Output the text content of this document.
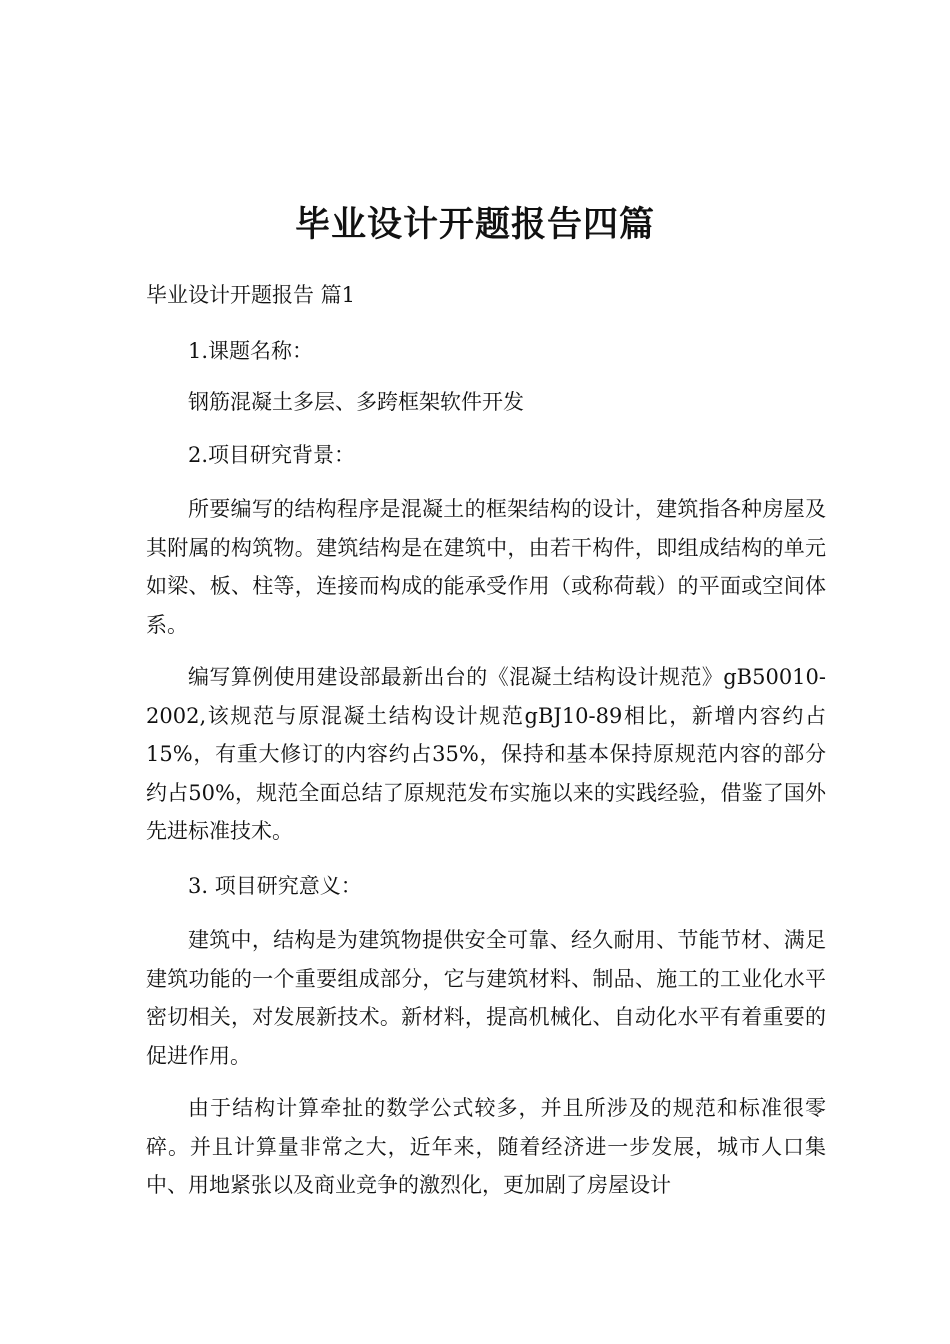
毕业设计开题报告四篇

毕业设计开题报告 篇1

1.课题名称：

钢筋混凝土多层、多跨框架软件开发

2.项目研究背景：

所要编写的结构程序是混凝土的框架结构的设计，建筑指各种房屋及其附属的构筑物。建筑结构是在建筑中，由若干构件，即组成结构的单元如梁、板、柱等，连接而构成的能承受作用（或称荷载）的平面或空间体系。

编写算例使用建设部最新出台的《混凝土结构设计规范》gB50010-2002,该规范与原混凝土结构设计规范gBJ10-89相比，新增内容约占15%，有重大修订的内容约占35%，保持和基本保持原规范内容的部分约占50%，规范全面总结了原规范发布实施以来的实践经验，借鉴了国外先进标准技术。

3. 项目研究意义：

建筑中，结构是为建筑物提供安全可靠、经久耐用、节能节材、满足建筑功能的一个重要组成部分，它与建筑材料、制品、施工的工业化水平密切相关，对发展新技术。新材料，提高机械化、自动化水平有着重要的促进作用。

由于结构计算牵扯的数学公式较多，并且所涉及的规范和标准很零碎。并且计算量非常之大，近年来，随着经济进一步发展，城市人口集中、用地紧张以及商业竞争的激烈化，更加剧了房屋设计
